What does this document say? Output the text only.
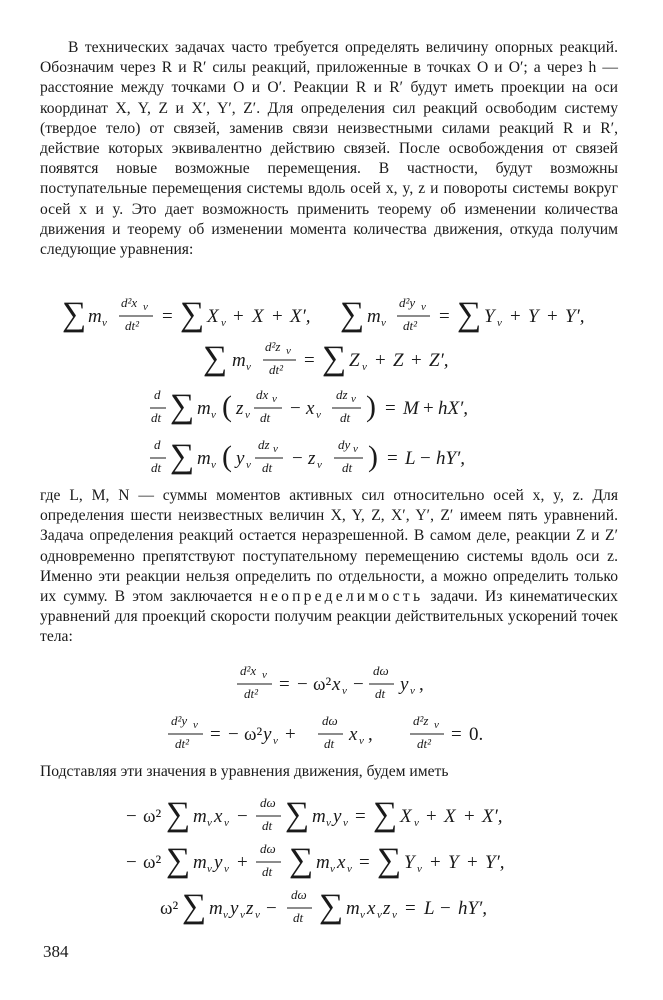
В технических задачах часто требуется определять величину опорных реакций. Обозначим через R и R′ силы реакций, приложенные в точках O и O′; а через h — расстояние между точками O и O′. Реакции R и R′ будут иметь проекции на оси координат X, Y, Z и X′, Y′, Z′. Для определения сил реакций освободим систему (твердое тело) от связей, заменив связи неизвестными силами реакций R и R′, действие которых эквивалентно действию связей. После освобождения от связей появятся новые возможные перемещения. В частности, будут возможны поступательные перемещения системы вдоль осей x, y, z и повороты системы вокруг осей x и y. Это дает возможность применить теорему об изменении количества движения и теорему об изменении момента количества движения, откуда получим следующие уравнения:
∑ m ν
d²x ν
dt² = ∑ X ν + X + X′, ∑ m ν
d²y ν
dt² = ∑ Y ν + Y + Y′,
∑ m ν
d²z ν
dt² = ∑ Z ν + Z + Z′,
d
dt ∑ m ν ( z ν
dx ν
dt − x ν
dz ν
dt ) = M + hX′,
d
dt ∑ m ν ( y ν
dz ν
dt − z ν
dy ν
dt ) = L − hY′,
где L, M, N — суммы моментов активных сил относительно осей x, y, z. Для определения шести неизвестных величин X, Y, Z, X′, Y′, Z′ имеем пять уравнений. Задача определения реакций остается неразрешенной. В самом деле, реакции Z и Z′ одновременно препятствуют поступательному перемещению системы вдоль оси z. Именно эти реакции нельзя определить по отдельности, а можно определить только их сумму. В этом заключается неопределимость задачи. Из кинематических уравнений для проекций скорости получим реакции действительных ускорений точек тела:
d²x ν
dt² = − ω² x ν −
dω
dt y ν ,
d²y ν
dt² = − ω² y ν +
dω
dt x ν ,
d²z ν
dt² = 0.
Подставляя эти значения в уравнения движения, будем иметь
− ω² ∑ m ν x ν −
dω
dt ∑ m ν y ν = ∑ X ν + X + X′,
− ω² ∑ m ν y ν +
dω
dt ∑ m ν x ν = ∑ Y ν + Y + Y′,
ω² ∑ m ν y ν z ν −
dω
dt ∑ m ν x ν z ν = L − hY′,
384
